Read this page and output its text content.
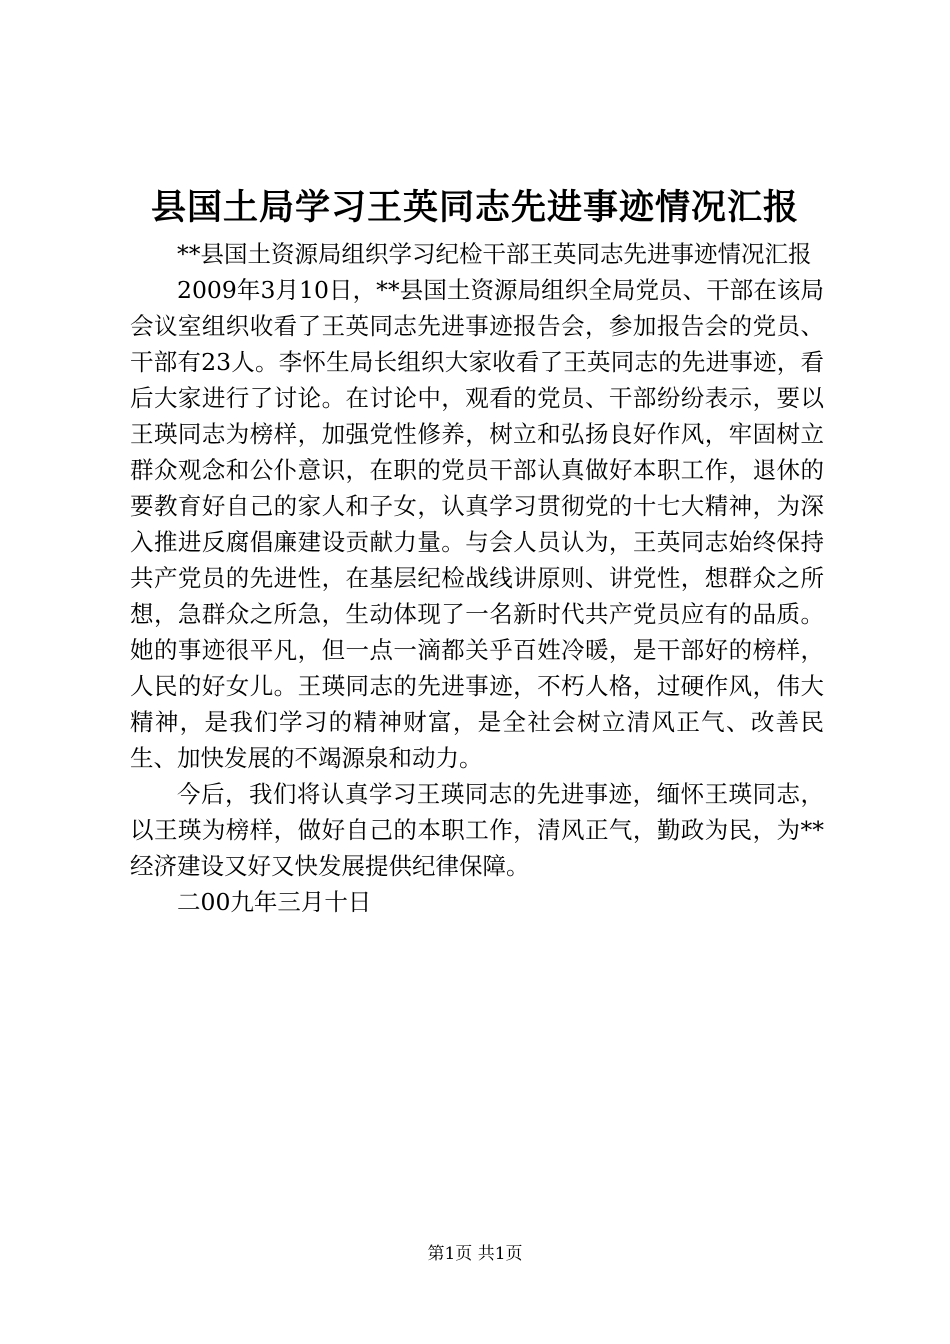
县国土局学习王英同志先进事迹情况汇报

**县国土资源局组织学习纪检干部王英同志先进事迹情况汇报

2009年3月10日，**县国土资源局组织全局党员、干部在该局会议室组织收看了王英同志先进事迹报告会，参加报告会的党员、干部有23人。李怀生局长组织大家收看了王英同志的先进事迹，看后大家进行了讨论。在讨论中，观看的党员、干部纷纷表示，要以王瑛同志为榜样，加强党性修养，树立和弘扬良好作风，牢固树立群众观念和公仆意识，在职的党员干部认真做好本职工作，退休的要教育好自己的家人和子女，认真学习贯彻党的十七大精神，为深入推进反腐倡廉建设贡献力量。与会人员认为，王英同志始终保持共产党员的先进性，在基层纪检战线讲原则、讲党性，想群众之所想，急群众之所急，生动体现了一名新时代共产党员应有的品质。她的事迹很平凡，但一点一滴都关乎百姓冷暖，是干部好的榜样，人民的好女儿。王瑛同志的先进事迹，不朽人格，过硬作风，伟大精神，是我们学习的精神财富，是全社会树立清风正气、改善民生、加快发展的不竭源泉和动力。

今后，我们将认真学习王瑛同志的先进事迹，缅怀王瑛同志，以王瑛为榜样，做好自己的本职工作，清风正气，勤政为民，为**经济建设又好又快发展提供纪律保障。

二00九年三月十日

第1页 共1页
